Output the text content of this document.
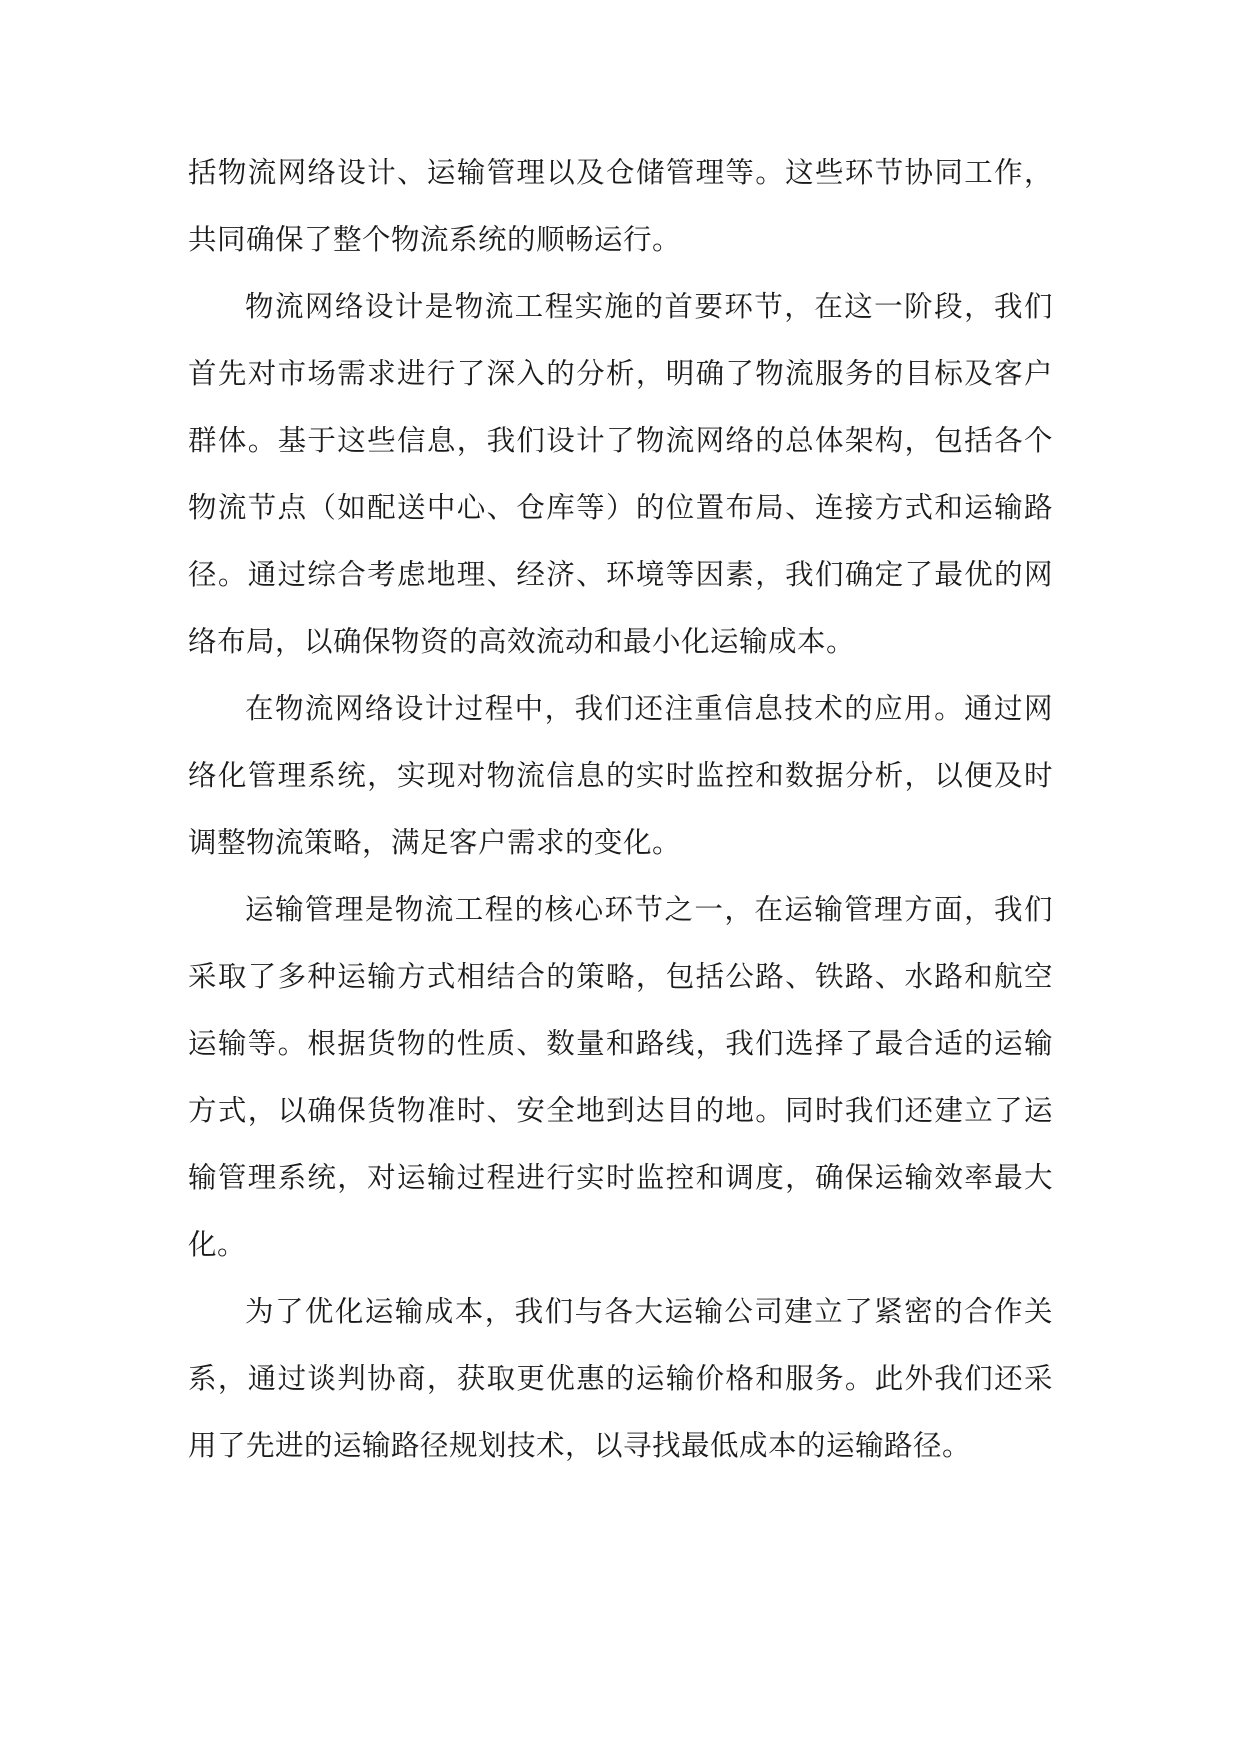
括物流网络设计、运输管理以及仓储管理等。这些环节协同工作，共同确保了整个物流系统的顺畅运行。

物流网络设计是物流工程实施的首要环节，在这一阶段，我们首先对市场需求进行了深入的分析，明确了物流服务的目标及客户群体。基于这些信息，我们设计了物流网络的总体架构，包括各个物流节点（如配送中心、仓库等）的位置布局、连接方式和运输路径。通过综合考虑地理、经济、环境等因素，我们确定了最优的网络布局，以确保物资的高效流动和最小化运输成本。

在物流网络设计过程中，我们还注重信息技术的应用。通过网络化管理系统，实现对物流信息的实时监控和数据分析，以便及时调整物流策略，满足客户需求的变化。

运输管理是物流工程的核心环节之一，在运输管理方面，我们采取了多种运输方式相结合的策略，包括公路、铁路、水路和航空运输等。根据货物的性质、数量和路线，我们选择了最合适的运输方式，以确保货物准时、安全地到达目的地。同时我们还建立了运输管理系统，对运输过程进行实时监控和调度，确保运输效率最大化。

为了优化运输成本，我们与各大运输公司建立了紧密的合作关系，通过谈判协商，获取更优惠的运输价格和服务。此外我们还采用了先进的运输路径规划技术，以寻找最低成本的运输路径。
